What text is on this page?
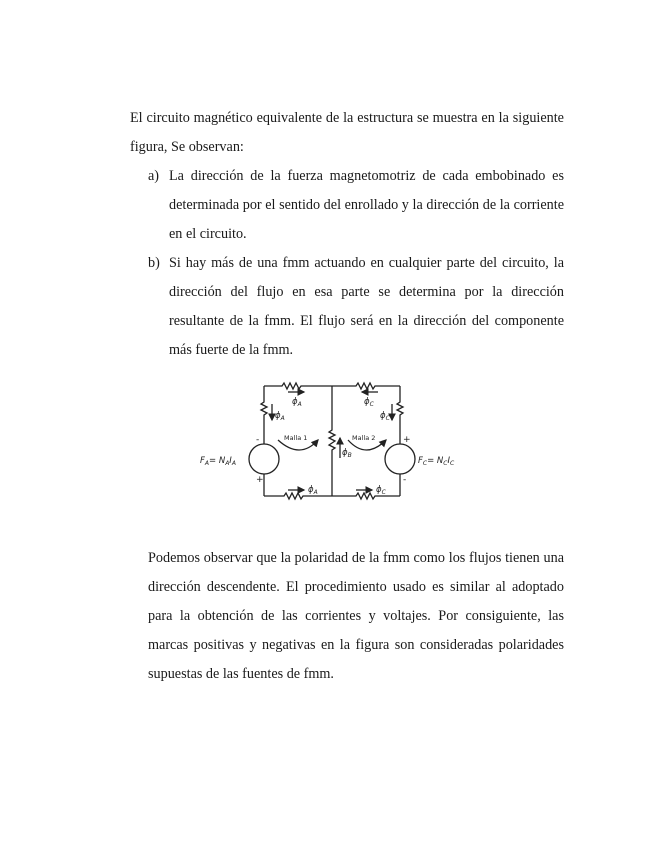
El circuito magnético equivalente de la estructura se muestra en la siguiente figura, Se observan:

a) La dirección de la fuerza magnetomotriz de cada embobinado es determinada por el sentido del enrollado y la dirección de la corriente en el circuito.
b) Si hay más de una fmm actuando en cualquier parte del circuito, la dirección del flujo en esa parte se determina por la dirección resultante de la fmm. El flujo será en la dirección del componente más fuerte de la fmm.
Malla 1	Malla 2
-
+
+
-
$\phi_A$
$\phi_A$
$\phi_B$
$\phi_C$
$\phi_C$
$\phi_A$	$\phi_C$
$F_A= N_AI_A$	$F_C= N_CI_C$

Podemos observar que la polaridad de la fmm como los flujos tienen una dirección descendente. El procedimiento usado es similar al adoptado para la obtención de las corrientes y voltajes. Por consiguiente, las marcas positivas y negativas en la figura son consideradas polaridades supuestas de las fuentes de fmm.
